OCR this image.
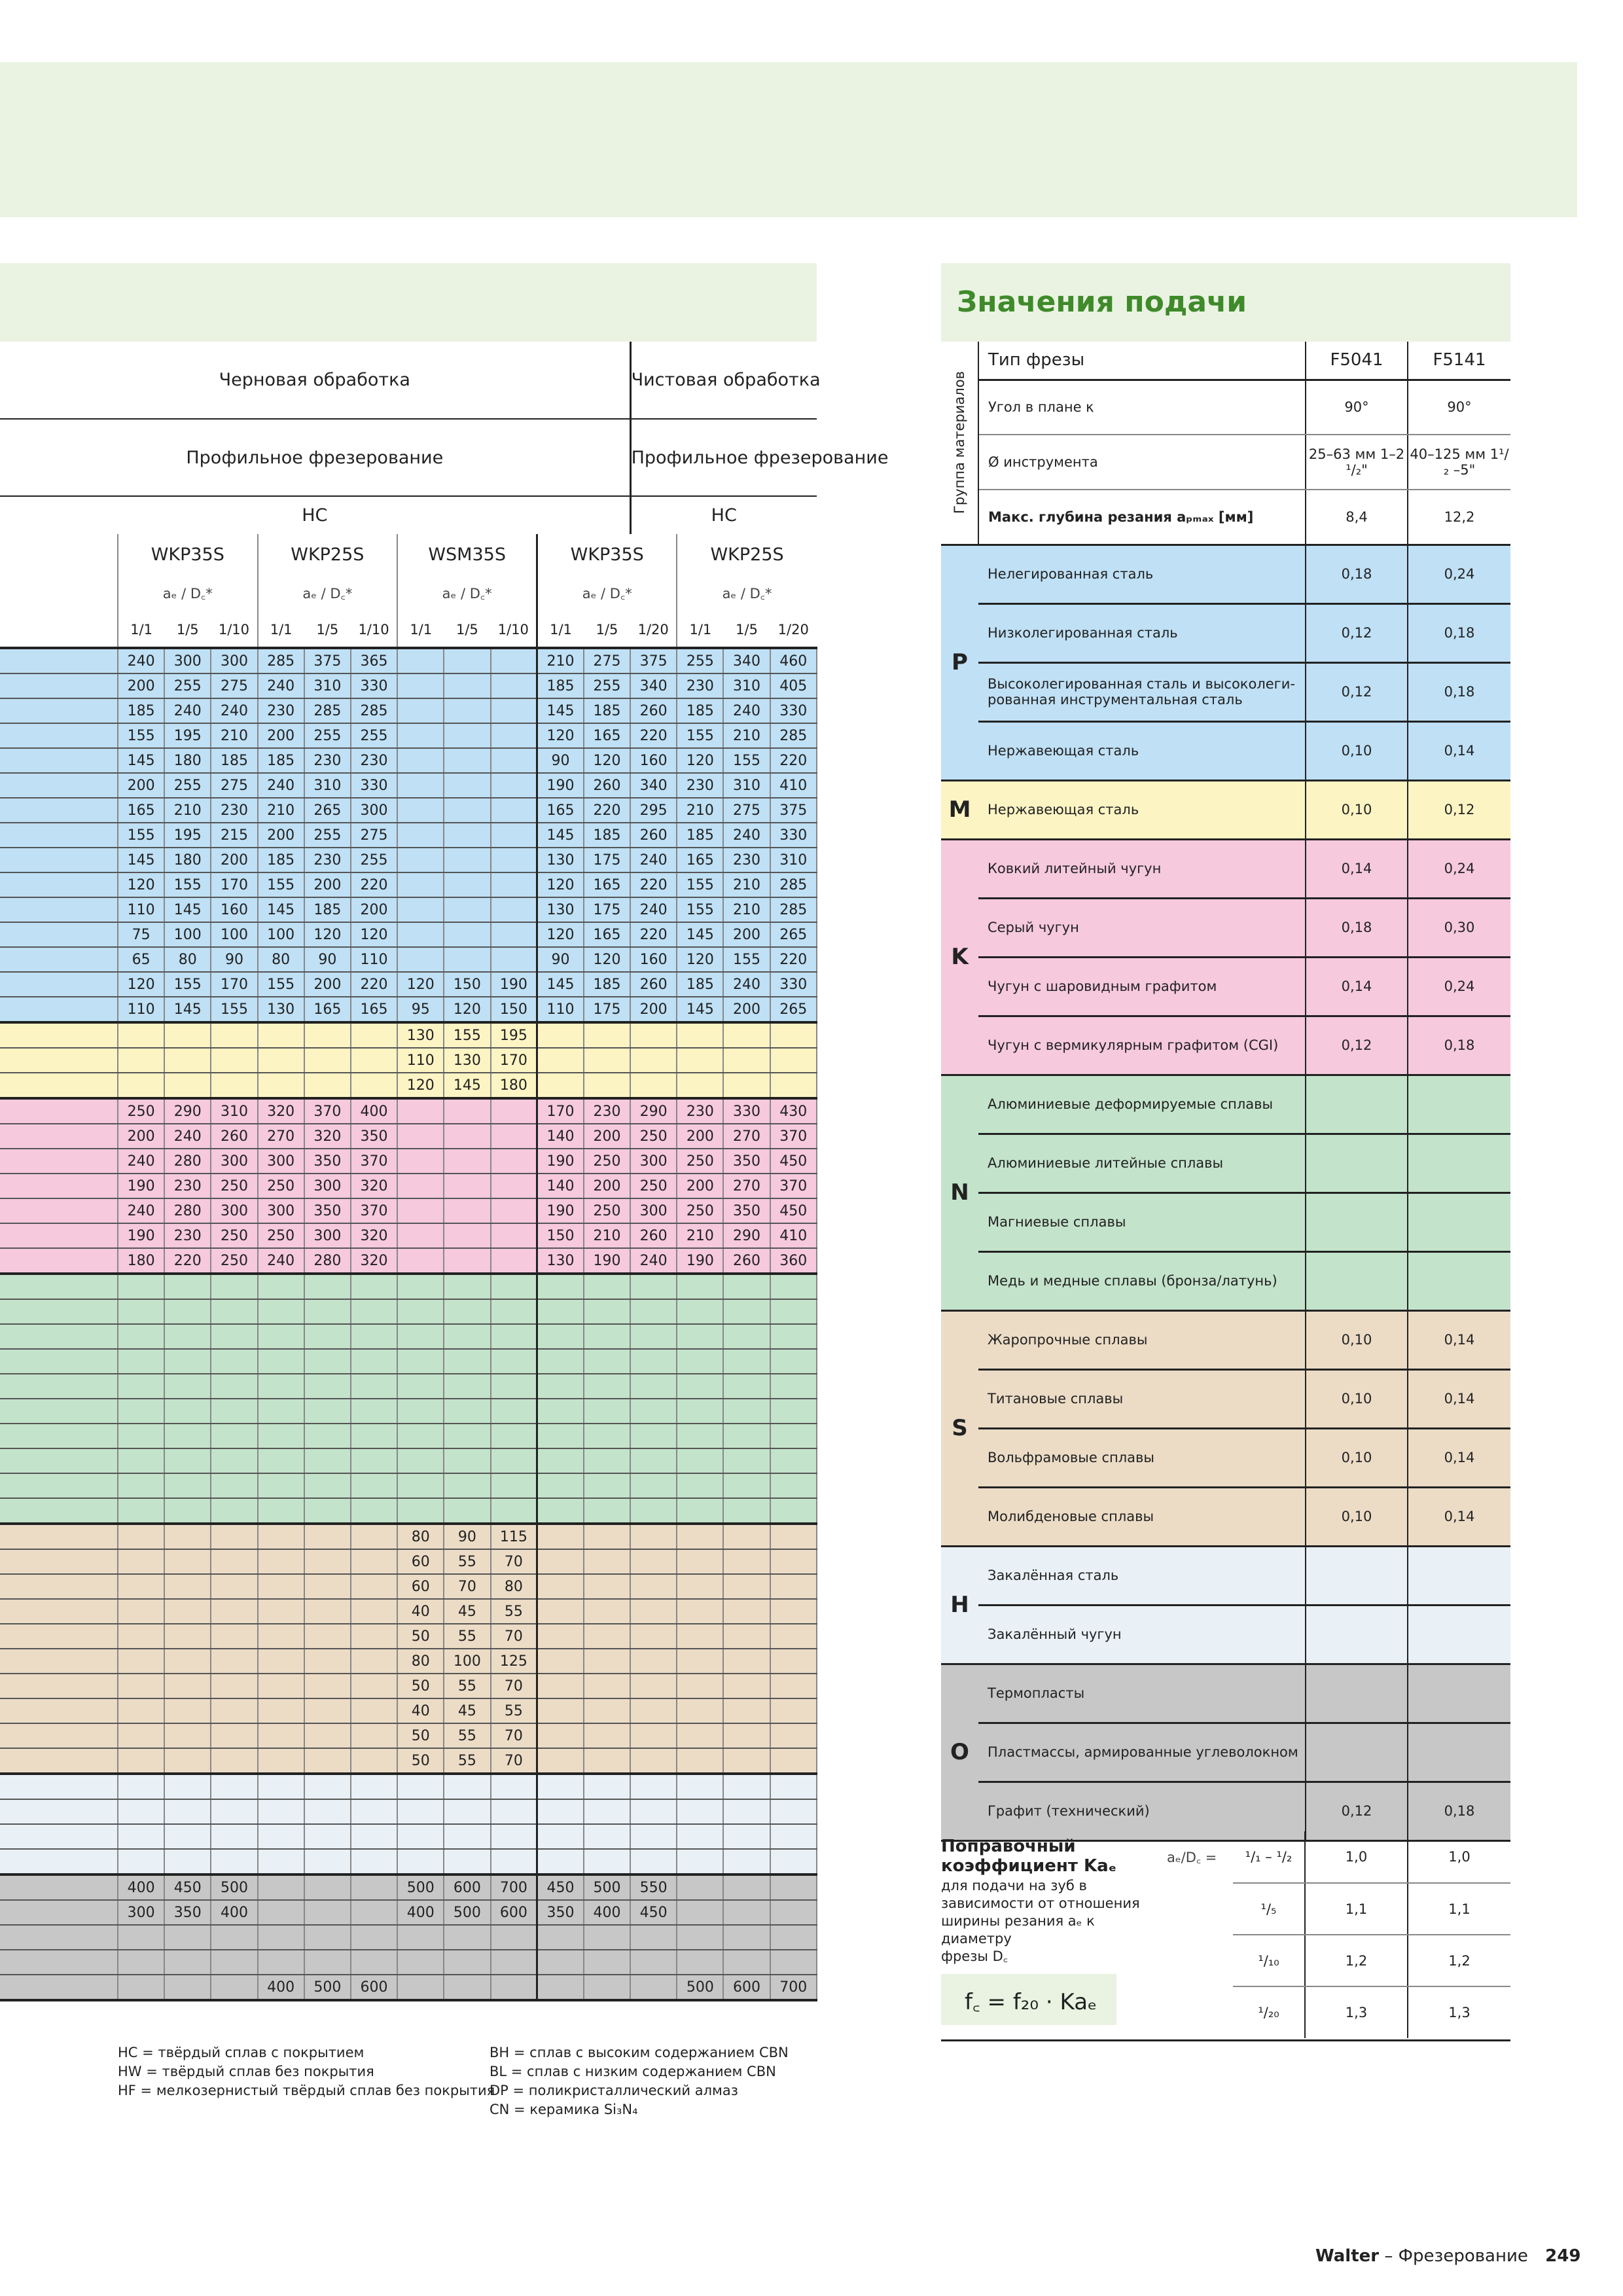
Значения подачи
Черновая обработка												Чистовая обработка			
Профильное фрезерование												Профильное фрезерование			
HC												HC			
	WKP35S			WKP25S			WSM35S			WKP35S			WKP25S		
	aₑ / D꜀*			aₑ / D꜀*			aₑ / D꜀*			aₑ / D꜀*			aₑ / D꜀*		
	1/1	1/5	1/10	1/1	1/5	1/10	1/1	1/5	1/10	1/1	1/5	1/20	1/1	1/5	1/20
	240	300	300	285	375	365				210	275	375	255	340	460
	200	255	275	240	310	330				185	255	340	230	310	405
	185	240	240	230	285	285				145	185	260	185	240	330
	155	195	210	200	255	255				120	165	220	155	210	285
	145	180	185	185	230	230				90	120	160	120	155	220
	200	255	275	240	310	330				190	260	340	230	310	410
	165	210	230	210	265	300				165	220	295	210	275	375
	155	195	215	200	255	275				145	185	260	185	240	330
	145	180	200	185	230	255				130	175	240	165	230	310
	120	155	170	155	200	220				120	165	220	155	210	285
	110	145	160	145	185	200				130	175	240	155	210	285
	75	100	100	100	120	120				120	165	220	145	200	265
	65	80	90	80	90	110				90	120	160	120	155	220
	120	155	170	155	200	220	120	150	190	145	185	260	185	240	330
	110	145	155	130	165	165	95	120	150	110	175	200	145	200	265
							130	155	195						
							110	130	170						
							120	145	180						
	250	290	310	320	370	400				170	230	290	230	330	430
	200	240	260	270	320	350				140	200	250	200	270	370
	240	280	300	300	350	370				190	250	300	250	350	450
	190	230	250	250	300	320				140	200	250	200	270	370
	240	280	300	300	350	370				190	250	300	250	350	450
	190	230	250	250	300	320				150	210	260	210	290	410
	180	220	250	240	280	320				130	190	240	190	260	360

							80	90	115						
							60	55	70						
							60	70	80						
							40	45	55						
							50	55	70						
							80	100	125						
							50	55	70						
							40	45	55						
							50	55	70						
							50	55	70						

	400	450	500				500	600	700	450	500	550			
	300	350	400				400	500	600	350	400	450			

				400	500	600							500	600	700
HC = твёрдый сплав с покрытием
HW = твёрдый сплав без покрытия
HF = мелкозернистый твёрдый сплав без покрытия
BH = сплав с высоким содержанием CBN
BL = сплав с низким содержанием CBN
DP = поликристаллический алмаз
CN = керамика Si₃N₄
Группа материалов	Тип фрезы	F5041	F5141
	Угол в плане κ	90°	90°
	Ø инструмента	25–63 мм 1–2 ¹/₂"	40–125 мм 1¹/₂ –5"
	Макс. глубина резания aₚₘₐₓ [мм]	8,4	12,2
P	Нелегированная сталь	0,18	0,24
	Низколегированная сталь	0,12	0,18
	Высоколегированная сталь и высоколеги-рованная инструментальная сталь	0,12	0,18
	Нержавеющая сталь	0,10	0,14
M	Нержавеющая сталь	0,10	0,12
K	Ковкий литейный чугун	0,14	0,24
	Серый чугун	0,18	0,30
	Чугун с шаровидным графитом	0,14	0,24
	Чугун с вермикулярным графитом (CGI)	0,12	0,18
N	Алюминиевые деформируемые сплавы		
	Алюминиевые литейные сплавы		
	Магниевые сплавы		
	Медь и медные сплавы (бронза/латунь)		
S	Жаропрочные сплавы	0,10	0,14
	Титановые сплавы	0,10	0,14
	Вольфрамовые сплавы	0,10	0,14
	Молибденовые сплавы	0,10	0,14
H	Закалённая сталь		
	Закалённый чугун		
O	Термопласты		
	Пластмассы, армированные углеволокном		
	Графит (технический)	0,12	0,18
Поправочный
коэффициент Kaₑ
для подачи на зуб в
зависимости от отношения
ширины резания aₑ к диаметру
фрезы D꜀
aₑ/D꜀ =
f꜀ = f₂₀ · Kaₑ
¹/₁ – ¹/₂	1,0	1,0
¹/₅	1,1	1,1
¹/₁₀	1,2	1,2
¹/₂₀	1,3	1,3
Walter – Фрезерование 249
